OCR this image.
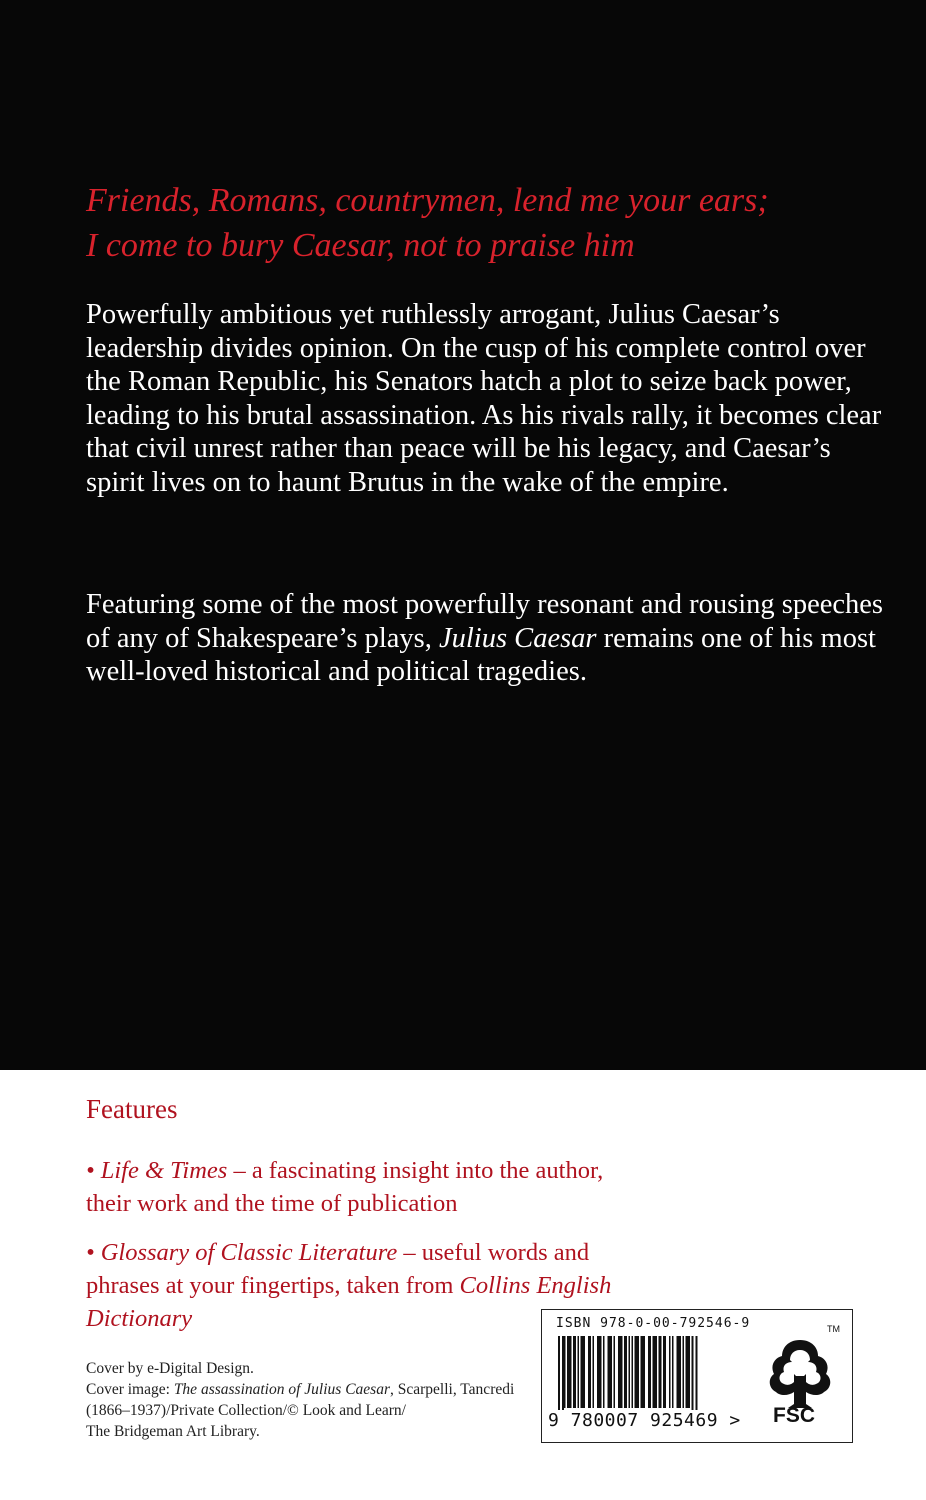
Friends, Romans, countrymen, lend me your ears;
I come to bury Caesar, not to praise him

Powerfully ambitious yet ruthlessly arrogant, Julius Caesar’s leadership divides opinion. On the cusp of his complete control over the Roman Republic, his Senators hatch a plot to seize back power, leading to his brutal assassination. As his rivals rally, it becomes clear that civil unrest rather than peace will be his legacy, and Caesar’s spirit lives on to haunt Brutus in the wake of the empire.

Featuring some of the most powerfully resonant and rousing speeches of any of Shakespeare’s plays, Julius Caesar remains one of his most well-loved historical and political tragedies.

Features

• Life & Times – a fascinating insight into the author, their work and the time of publication

• Glossary of Classic Literature – useful words and phrases at your fingertips, taken from Collins English Dictionary

Cover by e-Digital Design.
Cover image: The assassination of Julius Caesar, Scarpelli, Tancredi
(1866–1937)/Private Collection/© Look and Learn/
The Bridgeman Art Library.
ISBN 978-0-00-792546-9
9 780007 925469 > FSC
TM
